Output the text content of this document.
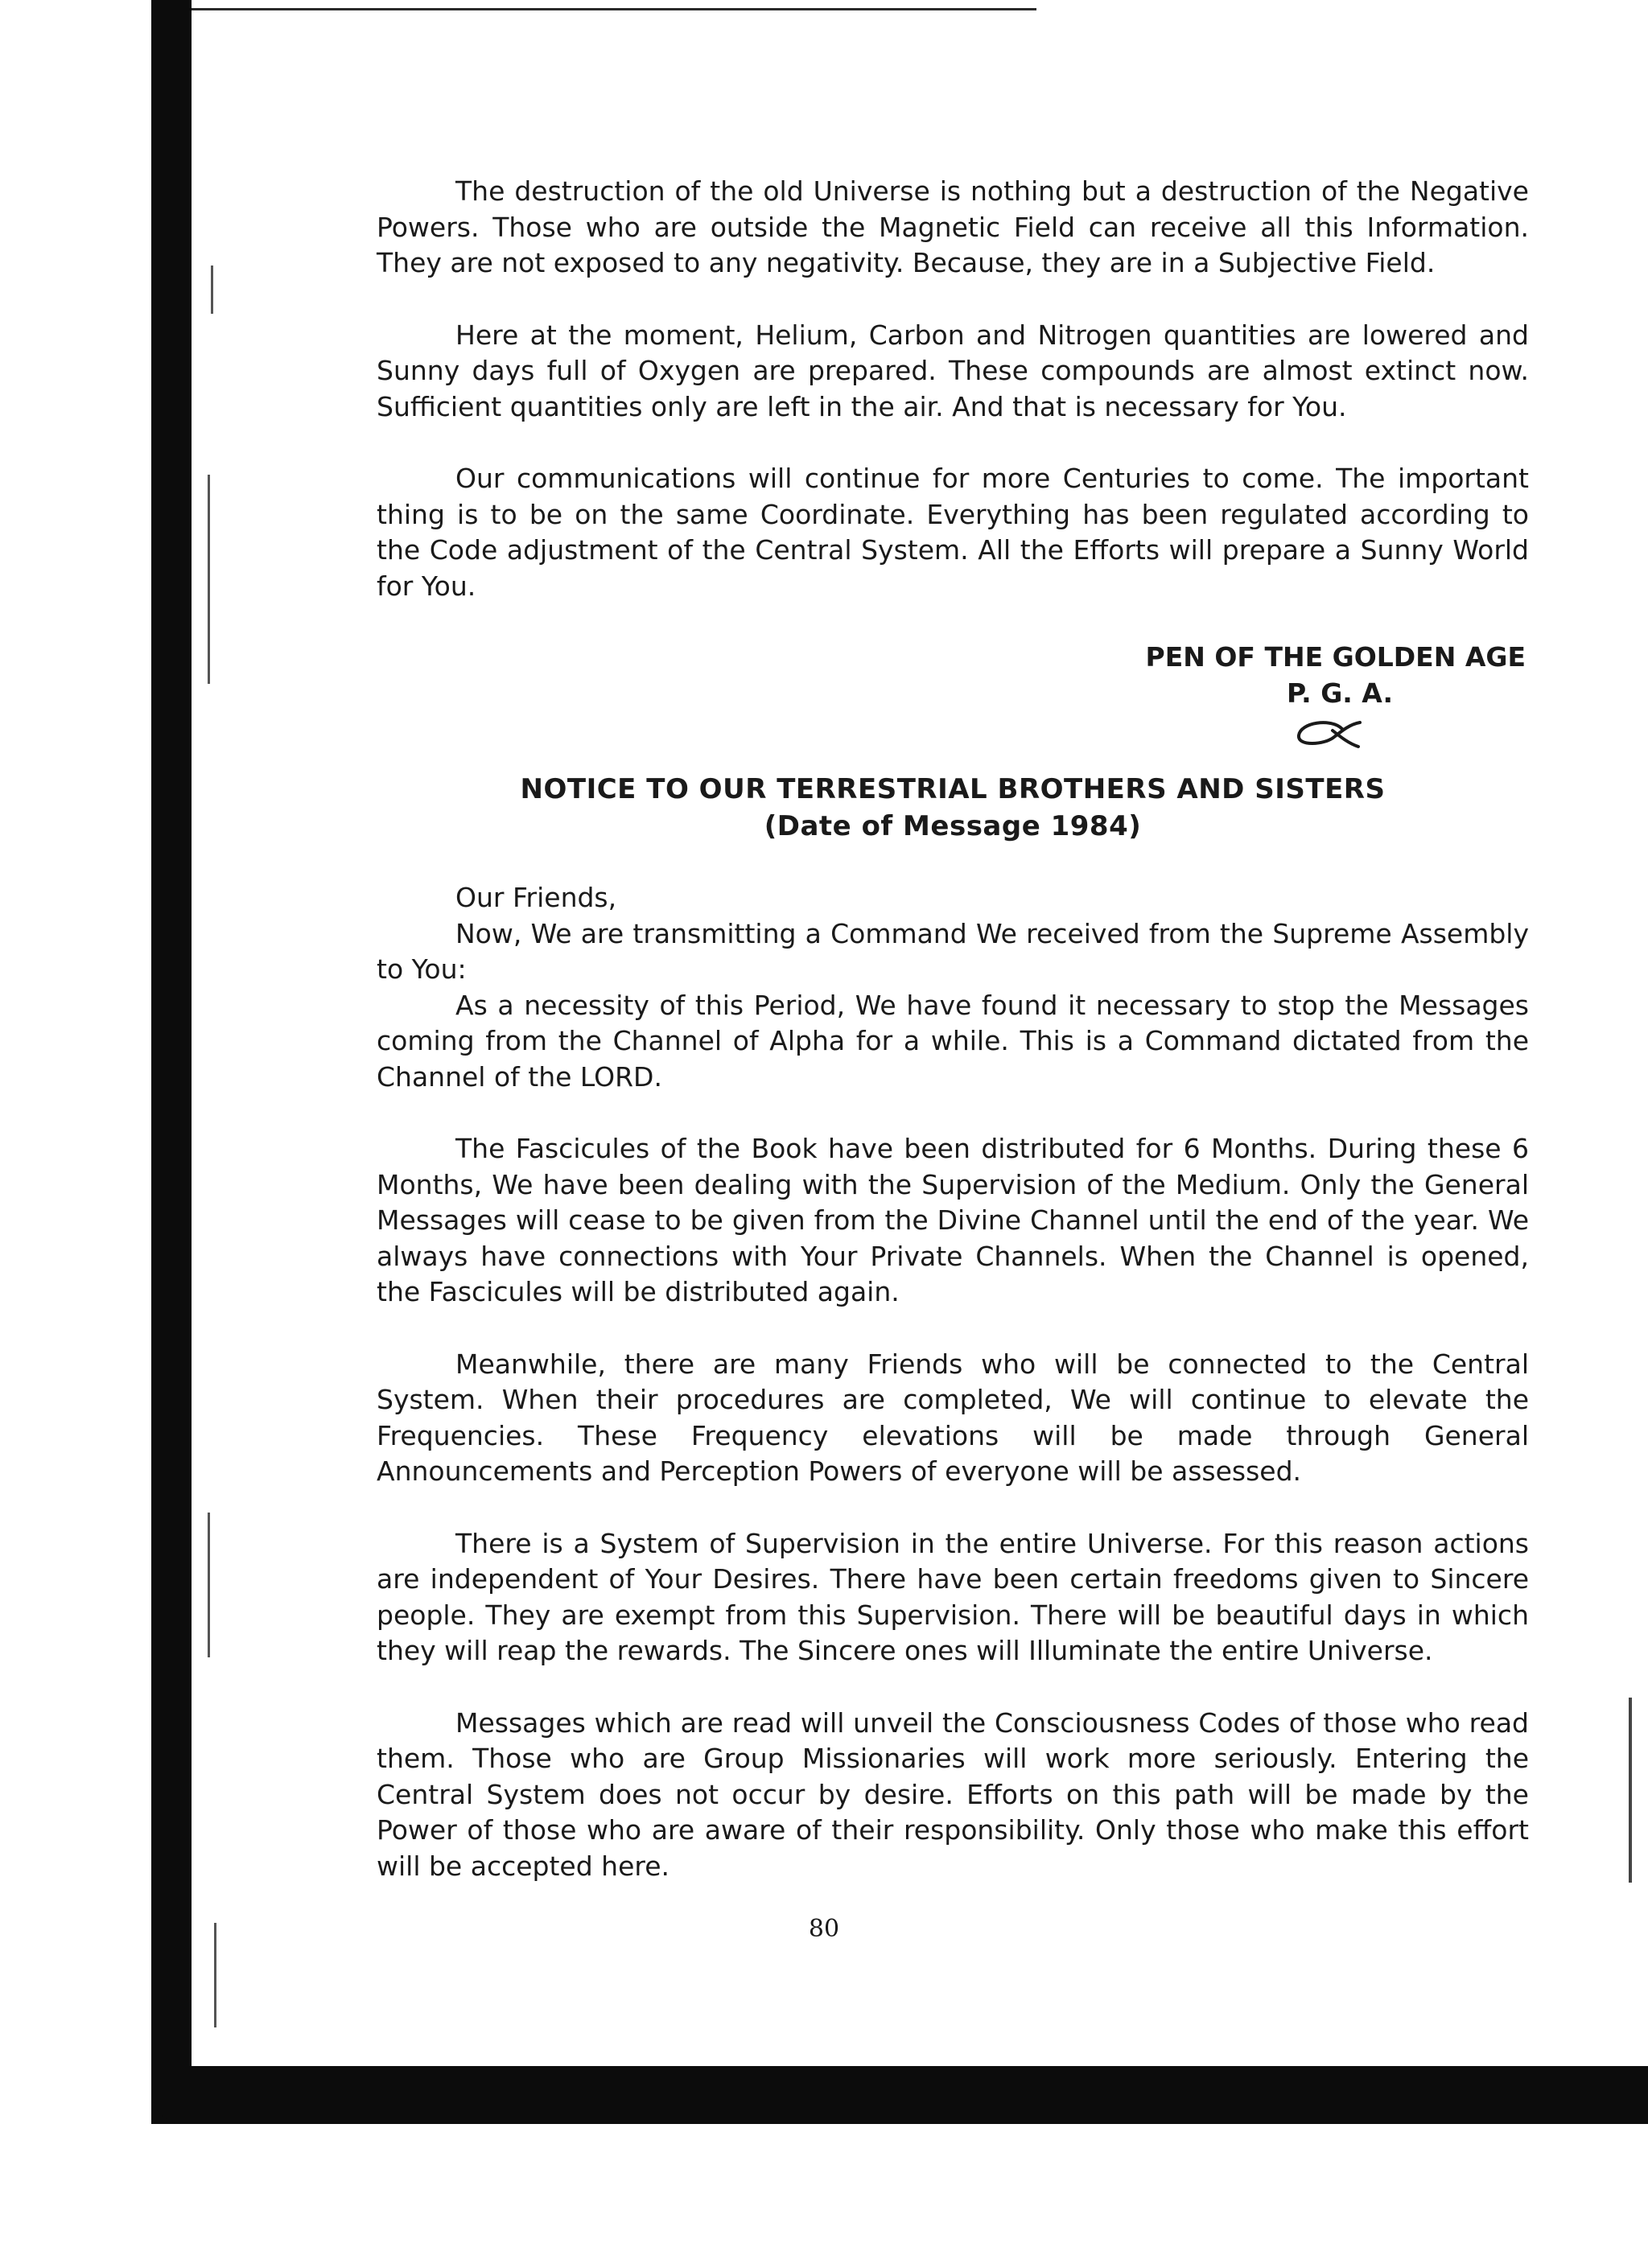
The destruction of the old Universe is nothing but a destruction of the Negative Powers. Those who are outside the Magnetic Field can receive all this Information. They are not exposed to any negativity. Because, they are in a Subjective Field.

Here at the moment, Helium, Carbon and Nitrogen quantities are lowered and Sunny days full of Oxygen are prepared. These compounds are almost extinct now. Sufficient quantities only are left in the air. And that is necessary for You.

Our communications will continue for more Centuries to come. The important thing is to be on the same Coordinate. Everything has been regulated according to the Code adjustment of the Central System. All the Efforts will prepare a Sunny World for You.

PEN OF THE GOLDEN AGE

P. G. A.
NOTICE TO OUR TERRESTRIAL BROTHERS AND SISTERS
(Date of Message 1984)

Our Friends,

Now, We are transmitting a Command We received from the Supreme Assembly to You:

As a necessity of this Period, We have found it necessary to stop the Messages coming from the Channel of Alpha for a while. This is a Command dictated from the Channel of the LORD.

The Fascicules of the Book have been distributed for 6 Months. During these 6 Months, We have been dealing with the Supervision of the Medium. Only the General Messages will cease to be given from the Divine Channel until the end of the year. We always have connections with Your Private Channels. When the Channel is opened, the Fascicules will be distributed again.

Meanwhile, there are many Friends who will be connected to the Central System. When their procedures are completed, We will continue to elevate the Frequencies. These Frequency elevations will be made through General Announcements and Perception Powers of everyone will be assessed.

There is a System of Supervision in the entire Universe. For this reason actions are independent of Your Desires. There have been certain freedoms given to Sincere people. They are exempt from this Supervision. There will be beautiful days in which they will reap the rewards. The Sincere ones will Illuminate the entire Universe.

Messages which are read will unveil the Consciousness Codes of those who read them. Those who are Group Missionaries will work more seriously. Entering the Central System does not occur by desire. Efforts on this path will be made by the Power of those who are aware of their responsibility. Only those who make this effort will be accepted here.

80
